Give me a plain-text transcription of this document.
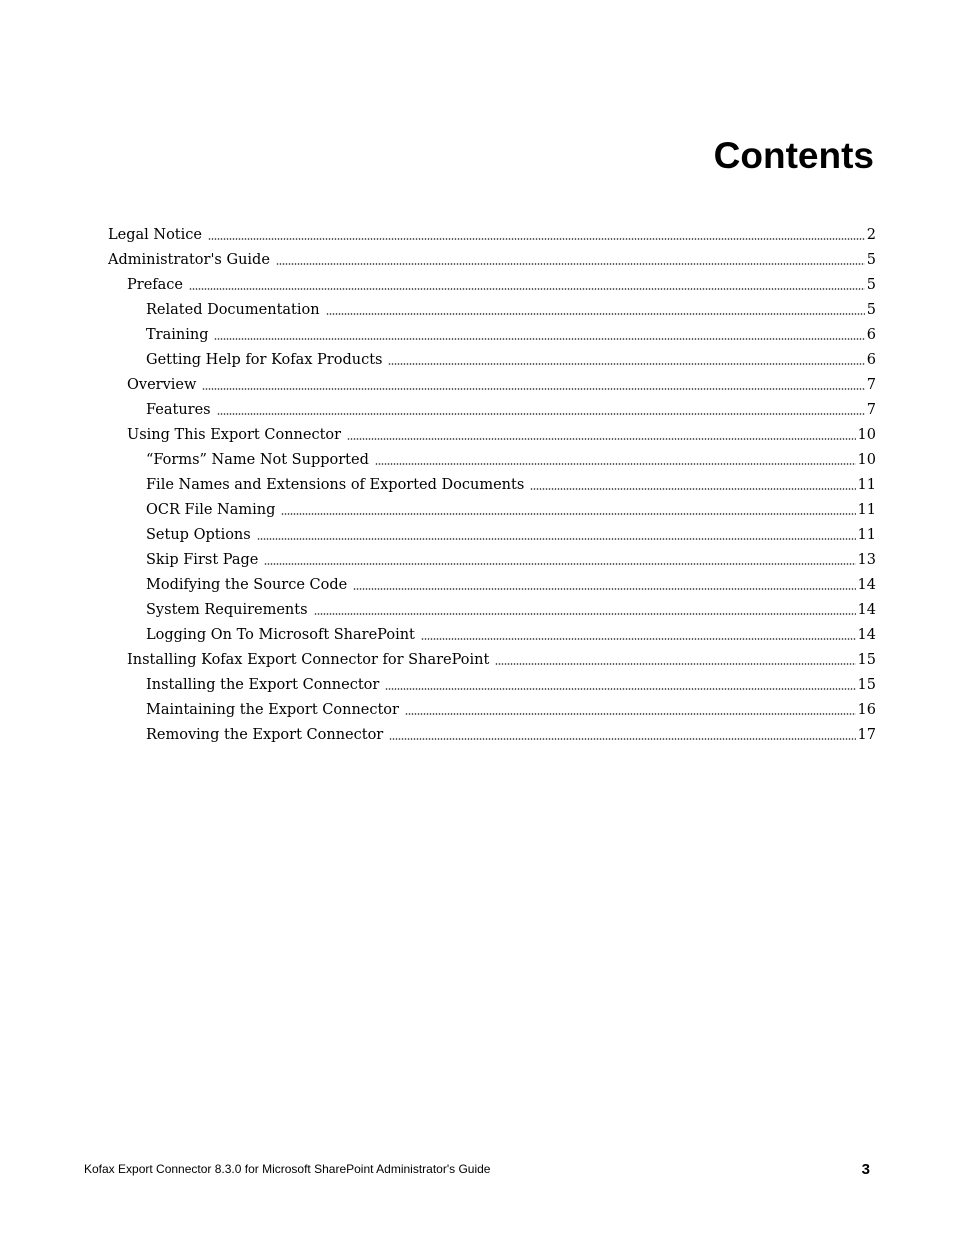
Contents
Legal Notice	2
Administrator's Guide	5
Preface	5
Related Documentation	5
Training	6
Getting Help for Kofax Products	6
Overview	7
Features	7
Using This Export Connector	10
“Forms” Name Not Supported	10
File Names and Extensions of Exported Documents	11
OCR File Naming	11
Setup Options	11
Skip First Page	13
Modifying the Source Code	14
System Requirements	14
Logging On To Microsoft SharePoint	14
Installing Kofax Export Connector for SharePoint	15
Installing the Export Connector	15
Maintaining the Export Connector	16
Removing the Export Connector	17
Kofax Export Connector 8.3.0 for Microsoft SharePoint Administrator's Guide	3
